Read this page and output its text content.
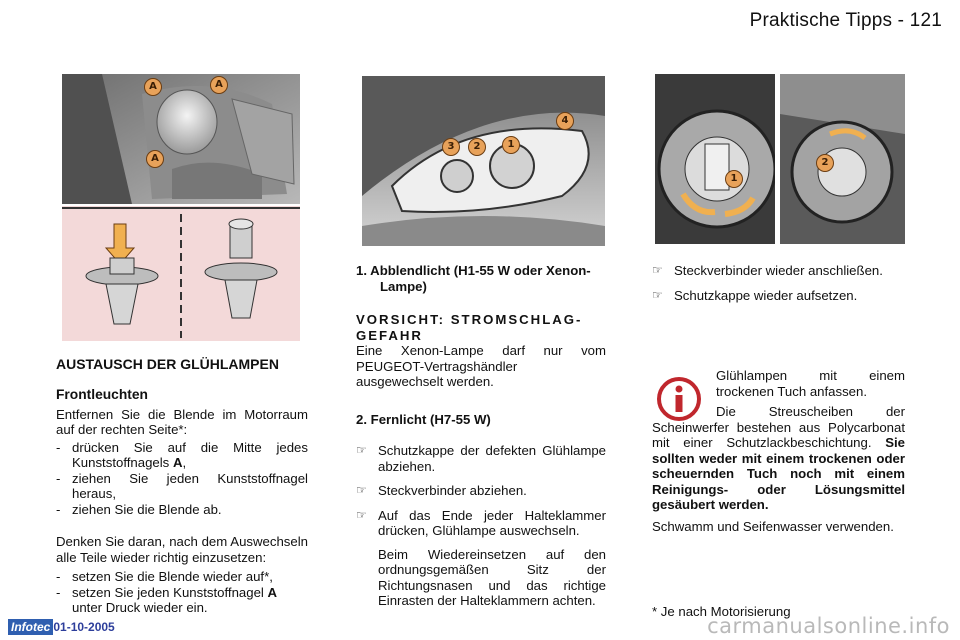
Praktische Tipps - 121
A
A
A
1
2
3
4
1
2

AUSTAUSCH DER GLÜHLAMPEN

Frontleuchten

Entfernen Sie die Blende im Motorraum auf der rechten Seite*:

- drücken Sie auf die Mitte jedes Kunststoffnagels A,
- ziehen Sie jeden Kunststoffnagel heraus,
- ziehen Sie die Blende ab.

Denken Sie daran, nach dem Auswechseln alle Teile wieder richtig einzusetzen:

- setzen Sie die Blende wieder auf*,
- setzen Sie jeden Kunststoffnagel A unter Druck wieder ein.

1. Abblendlicht (H1-55 W oder Xenon-Lampe)

VORSICHT: STROMSCHLAG-GEFAHR

Eine Xenon-Lampe darf nur vom PEUGEOT-Vertragshändler ausgewechselt werden.

2. Fernlicht (H7-55 W)

☞ Schutzkappe der defekten Glühlampe abziehen.
☞ Steckverbinder abziehen.
☞ Auf das Ende jeder Halteklammer drücken, Glühlampe auswechseln.

Beim Wiedereinsetzen auf den ordnungsgemäßen Sitz der Richtungsnasen und das richtige Einrasten der Halteklammern achten.

☞ Steckverbinder wieder anschließen.
☞ Schutzkappe wieder aufsetzen.

Glühlampen mit einem trockenen Tuch anfassen.

Die Streuscheiben der Scheinwerfer bestehen aus Polycarbonat mit einer Schutzlackbeschichtung. Sie sollten weder mit einem trockenen oder scheuernden Tuch noch mit einem Reinigungs- oder Lösungsmittel gesäubert werden.

Schwamm und Seifenwasser verwenden.

* Je nach Motorisierung
Infotec 01-10-2005	carmanualsonline.info
